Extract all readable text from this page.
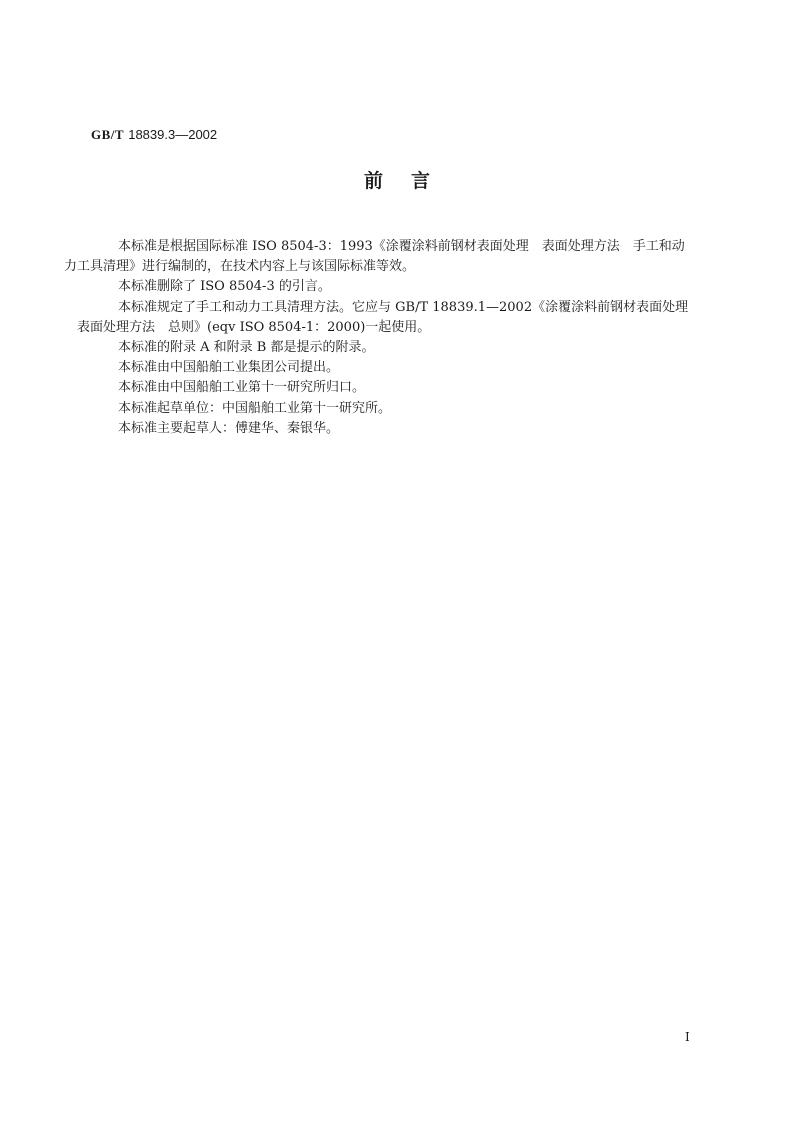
GB/T 18839.3—2002
前言

本标准是根据国际标准 ISO 8504-3：1993《涂覆涂料前钢材表面处理　表面处理方法　手工和动
力工具清理》进行编制的，在技术内容上与该国际标准等效。

本标准删除了 ISO 8504-3 的引言。

本标准规定了手工和动力工具清理方法。它应与 GB/T 18839.1—2002《涂覆涂料前钢材表面处理
表面处理方法　总则》(eqv ISO 8504-1：2000)一起使用。

本标准的附录 A 和附录 B 都是提示的附录。

本标准由中国船舶工业集团公司提出。

本标准由中国船舶工业第十一研究所归口。

本标准起草单位：中国船舶工业第十一研究所。

本标准主要起草人：傅建华、秦银华。

I
